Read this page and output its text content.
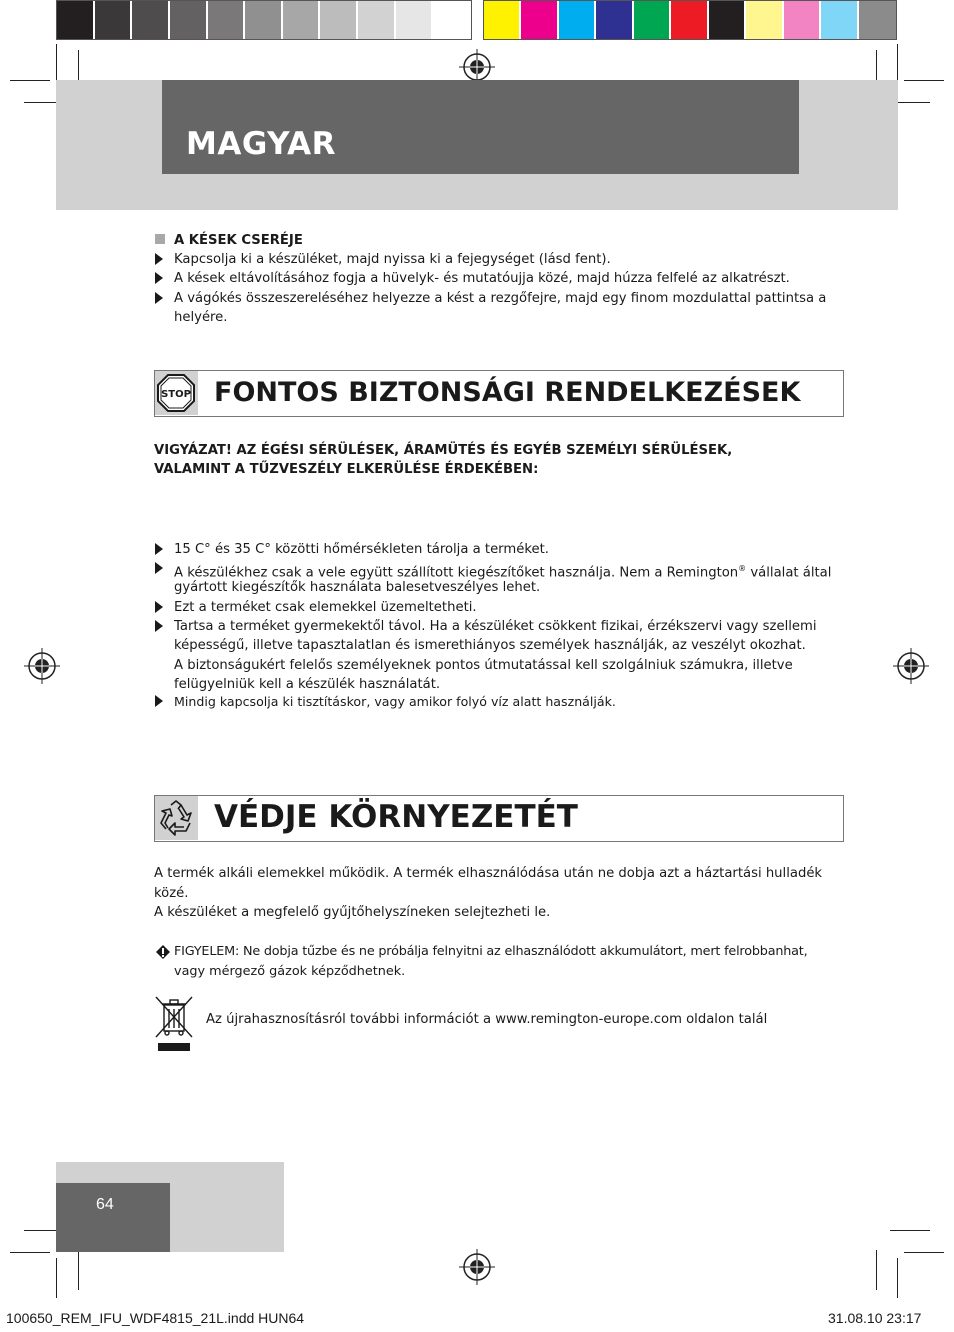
MAGYAR
A KÉSEK CSERÉJE
Kapcsolja ki a készüléket, majd nyissa ki a fejegységet (lásd fent).
A kések eltávolításához fogja a hüvelyk- és mutatóujja közé, majd húzza felfelé az alkatrészt.
A vágókés összeszereléséhez helyezze a kést a rezgőfejre, majd egy finom mozdulattal pattintsa a
helyére.
STOP FONTOS BIZTONSÁGI RENDELKEZÉSEK
VIGYÁZAT! AZ ÉGÉSI SÉRÜLÉSEK, ÁRAMÜTÉS ÉS EGYÉB SZEMÉLYI SÉRÜLÉSEK,
VALAMINT A TŰZVESZÉLY ELKERÜLÉSE ÉRDEKÉBEN:
15 C° és 35 C° közötti hőmérsékleten tárolja a terméket.
A készülékhez csak a vele együtt szállított kiegészítőket használja. Nem a Remington® vállalat által
gyártott kiegészítők használata balesetveszélyes lehet.
Ezt a terméket csak elemekkel üzemeltetheti.
Tartsa a terméket gyermekektől távol. Ha a készüléket csökkent fizikai, érzékszervi vagy szellemi
képességű, illetve tapasztalatlan és ismerethiányos személyek használják, az veszélyt okozhat.
A biztonságukért felelős személyeknek pontos útmutatással kell szolgálniuk számukra, illetve
felügyelniük kell a készülék használatát.
Mindig kapcsolja ki tisztításkor, vagy amikor folyó víz alatt használják.
VÉDJE KÖRNYEZETÉT
A termék alkáli elemekkel működik. A termék elhasználódása után ne dobja azt a háztartási hulladék
közé.
A készüléket a megfelelő gyűjtőhelyszíneken selejtezheti le.
FIGYELEM: Ne dobja tűzbe és ne próbálja felnyitni az elhasználódott akkumulátort, mert felrobbanhat,
vagy mérgező gázok képződhetnek.
Az újrahasznosításról további információt a www.remington-europe.com oldalon talál
64
100650_REM_IFU_WDF4815_21L.indd HUN64	31.08.10 23:17
